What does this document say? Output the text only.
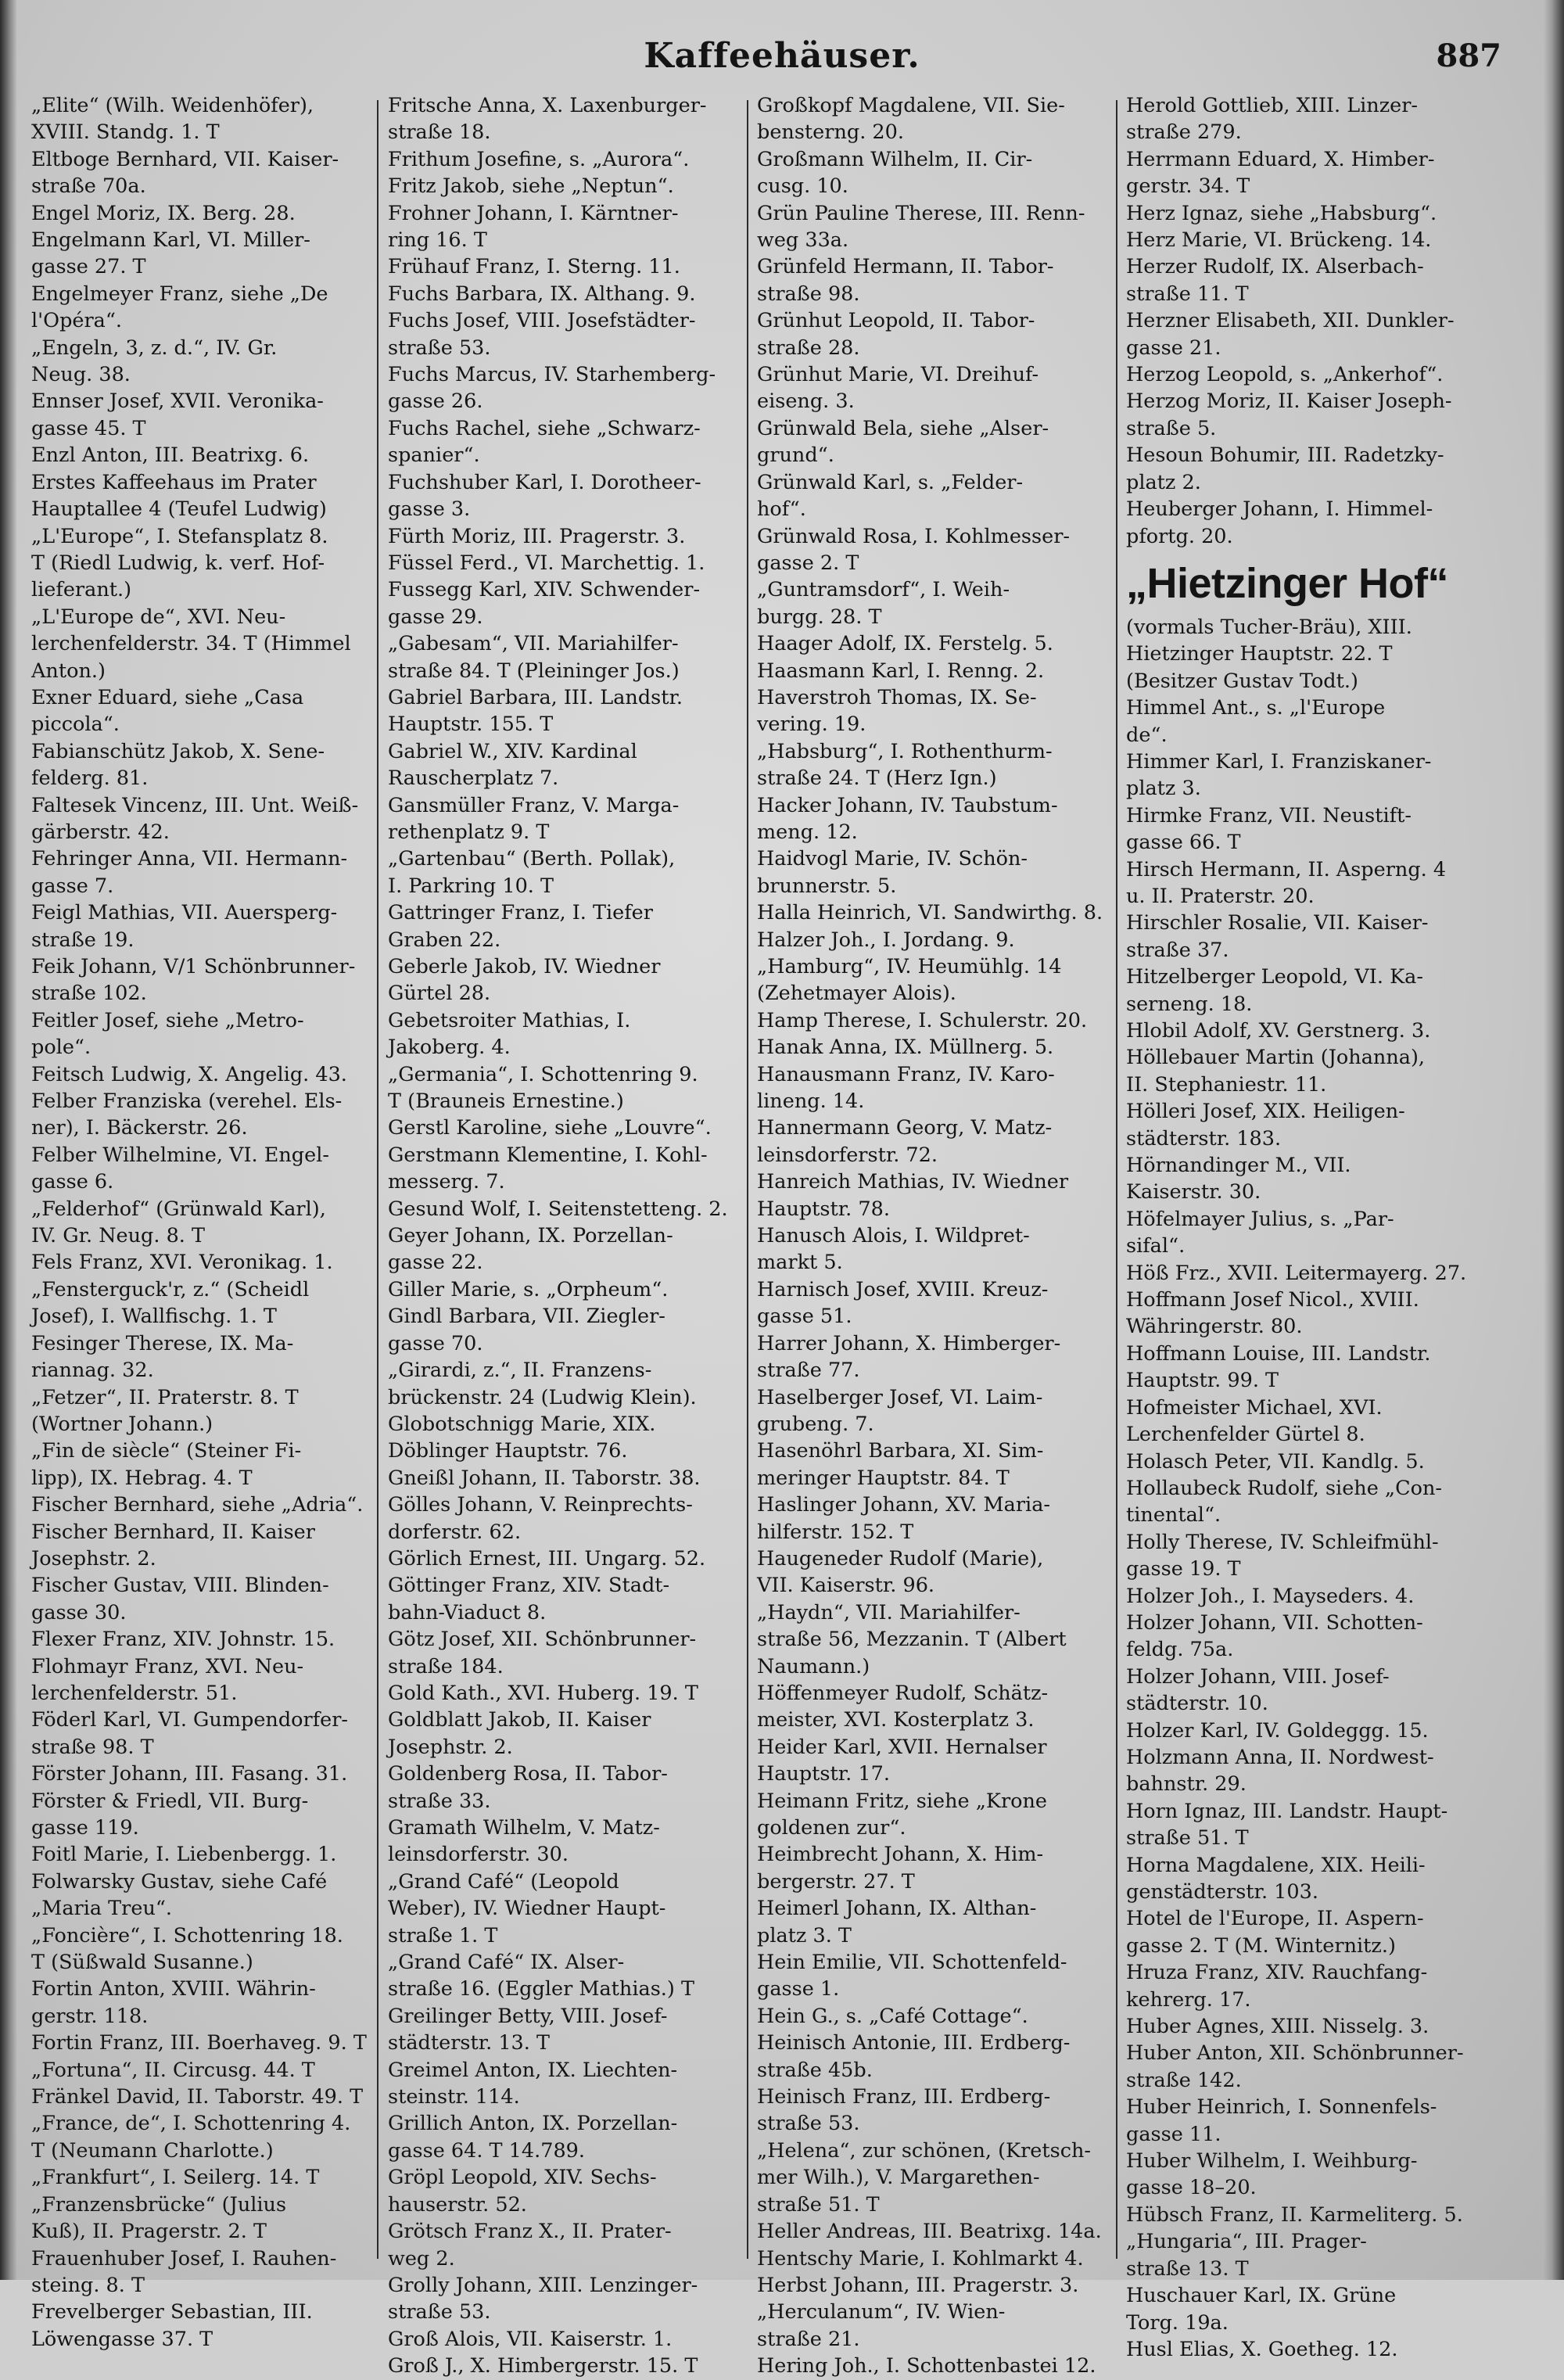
Kaffeehäuser.	887
„Elite“ (Wilh. Weidenhöfer),
XVIII. Standg. 1. T
Eltboge Bernhard, VII. Kaiser-
straße 70a.
Engel Moriz, IX. Berg. 28.
Engelmann Karl, VI. Miller-
gasse 27. T
Engelmeyer Franz, siehe „De
l'Opéra“.
„Engeln, 3, z. d.“, IV. Gr.
Neug. 38.
Ennser Josef, XVII. Veronika-
gasse 45. T
Enzl Anton, III. Beatrixg. 6.
Erstes Kaffeehaus im Prater
Hauptallee 4 (Teufel Ludwig)
„L'Europe“, I. Stefansplatz 8.
T (Riedl Ludwig, k. verf. Hof-
lieferant.)
„L'Europe de“, XVI. Neu-
lerchenfelderstr. 34. T (Himmel
Anton.)
Exner Eduard, siehe „Casa
piccola“.
Fabianschütz Jakob, X. Sene-
felderg. 81.
Faltesek Vincenz, III. Unt. Weiß-
gärberstr. 42.
Fehringer Anna, VII. Hermann-
gasse 7.
Feigl Mathias, VII. Auersperg-
straße 19.
Feik Johann, V/1 Schönbrunner-
straße 102.
Feitler Josef, siehe „Metro-
pole“.
Feitsch Ludwig, X. Angelig. 43.
Felber Franziska (verehel. Els-
ner), I. Bäckerstr. 26.
Felber Wilhelmine, VI. Engel-
gasse 6.
„Felderhof“ (Grünwald Karl),
IV. Gr. Neug. 8. T
Fels Franz, XVI. Veronikag. 1.
„Fensterguck'r, z.“ (Scheidl
Josef), I. Wallfischg. 1. T
Fesinger Therese, IX. Ma-
riannag. 32.
„Fetzer“, II. Praterstr. 8. T
(Wortner Johann.)
„Fin de siècle“ (Steiner Fi-
lipp), IX. Hebrag. 4. T
Fischer Bernhard, siehe „Adria“.
Fischer Bernhard, II. Kaiser
Josephstr. 2.
Fischer Gustav, VIII. Blinden-
gasse 30.
Flexer Franz, XIV. Johnstr. 15.
Flohmayr Franz, XVI. Neu-
lerchenfelderstr. 51.
Föderl Karl, VI. Gumpendorfer-
straße 98. T
Förster Johann, III. Fasang. 31.
Förster & Friedl, VII. Burg-
gasse 119.
Foitl Marie, I. Liebenbergg. 1.
Folwarsky Gustav, siehe Café
„Maria Treu“.
„Foncière“, I. Schottenring 18.
T (Süßwald Susanne.)
Fortin Anton, XVIII. Währin-
gerstr. 118.
Fortin Franz, III. Boerhaveg. 9. T
„Fortuna“, II. Circusg. 44. T
Fränkel David, II. Taborstr. 49. T
„France, de“, I. Schottenring 4.
T (Neumann Charlotte.)
„Frankfurt“, I. Seilerg. 14. T
„Franzensbrücke“ (Julius
Kuß), II. Pragerstr. 2. T
Frauenhuber Josef, I. Rauhen-
steing. 8. T
Frevelberger Sebastian, III.
Löwengasse 37. T
Fritsche Anna, X. Laxenburger-
straße 18.
Frithum Josefine, s. „Aurora“.
Fritz Jakob, siehe „Neptun“.
Frohner Johann, I. Kärntner-
ring 16. T
Frühauf Franz, I. Sterng. 11.
Fuchs Barbara, IX. Althang. 9.
Fuchs Josef, VIII. Josefstädter-
straße 53.
Fuchs Marcus, IV. Starhemberg-
gasse 26.
Fuchs Rachel, siehe „Schwarz-
spanier“.
Fuchshuber Karl, I. Dorotheer-
gasse 3.
Fürth Moriz, III. Pragerstr. 3.
Füssel Ferd., VI. Marchettig. 1.
Fussegg Karl, XIV. Schwender-
gasse 29.
„Gabesam“, VII. Mariahilfer-
straße 84. T (Pleininger Jos.)
Gabriel Barbara, III. Landstr.
Hauptstr. 155. T
Gabriel W., XIV. Kardinal
Rauscherplatz 7.
Gansmüller Franz, V. Marga-
rethenplatz 9. T
„Gartenbau“ (Berth. Pollak),
I. Parkring 10. T
Gattringer Franz, I. Tiefer
Graben 22.
Geberle Jakob, IV. Wiedner
Gürtel 28.
Gebetsroiter Mathias, I.
Jakoberg. 4.
„Germania“, I. Schottenring 9.
T (Brauneis Ernestine.)
Gerstl Karoline, siehe „Louvre“.
Gerstmann Klementine, I. Kohl-
messerg. 7.
Gesund Wolf, I. Seitenstetteng. 2.
Geyer Johann, IX. Porzellan-
gasse 22.
Giller Marie, s. „Orpheum“.
Gindl Barbara, VII. Ziegler-
gasse 70.
„Girardi, z.“, II. Franzens-
brückenstr. 24 (Ludwig Klein).
Globotschnigg Marie, XIX.
Döblinger Hauptstr. 76.
Gneißl Johann, II. Taborstr. 38.
Gölles Johann, V. Reinprechts-
dorferstr. 62.
Görlich Ernest, III. Ungarg. 52.
Göttinger Franz, XIV. Stadt-
bahn-Viaduct 8.
Götz Josef, XII. Schönbrunner-
straße 184.
Gold Kath., XVI. Huberg. 19. T
Goldblatt Jakob, II. Kaiser
Josephstr. 2.
Goldenberg Rosa, II. Tabor-
straße 33.
Gramath Wilhelm, V. Matz-
leinsdorferstr. 30.
„Grand Café“ (Leopold
Weber), IV. Wiedner Haupt-
straße 1. T
„Grand Café“ IX. Alser-
straße 16. (Eggler Mathias.) T
Greilinger Betty, VIII. Josef-
städterstr. 13. T
Greimel Anton, IX. Liechten-
steinstr. 114.
Grillich Anton, IX. Porzellan-
gasse 64. T 14.789.
Gröpl Leopold, XIV. Sechs-
hauserstr. 52.
Grötsch Franz X., II. Prater-
weg 2.
Grolly Johann, XIII. Lenzinger-
straße 53.
Groß Alois, VII. Kaiserstr. 1.
Groß J., X. Himbergerstr. 15. T
Großkopf Magdalene, VII. Sie-
bensterng. 20.
Großmann Wilhelm, II. Cir-
cusg. 10.
Grün Pauline Therese, III. Renn-
weg 33a.
Grünfeld Hermann, II. Tabor-
straße 98.
Grünhut Leopold, II. Tabor-
straße 28.
Grünhut Marie, VI. Dreihuf-
eiseng. 3.
Grünwald Bela, siehe „Alser-
grund“.
Grünwald Karl, s. „Felder-
hof“.
Grünwald Rosa, I. Kohlmesser-
gasse 2. T
„Guntramsdorf“, I. Weih-
burgg. 28. T
Haager Adolf, IX. Ferstelg. 5.
Haasmann Karl, I. Renng. 2.
Haverstroh Thomas, IX. Se-
vering. 19.
„Habsburg“, I. Rothenthurm-
straße 24. T (Herz Ign.)
Hacker Johann, IV. Taubstum-
meng. 12.
Haidvogl Marie, IV. Schön-
brunnerstr. 5.
Halla Heinrich, VI. Sandwirthg. 8.
Halzer Joh., I. Jordang. 9.
„Hamburg“, IV. Heumühlg. 14
(Zehetmayer Alois).
Hamp Therese, I. Schulerstr. 20.
Hanak Anna, IX. Müllnerg. 5.
Hanausmann Franz, IV. Karo-
lineng. 14.
Hannermann Georg, V. Matz-
leinsdorferstr. 72.
Hanreich Mathias, IV. Wiedner
Hauptstr. 78.
Hanusch Alois, I. Wildpret-
markt 5.
Harnisch Josef, XVIII. Kreuz-
gasse 51.
Harrer Johann, X. Himberger-
straße 77.
Haselberger Josef, VI. Laim-
grubeng. 7.
Hasenöhrl Barbara, XI. Sim-
meringer Hauptstr. 84. T
Haslinger Johann, XV. Maria-
hilferstr. 152. T
Haugeneder Rudolf (Marie),
VII. Kaiserstr. 96.
„Haydn“, VII. Mariahilfer-
straße 56, Mezzanin. T (Albert
Naumann.)
Höffenmeyer Rudolf, Schätz-
meister, XVI. Kosterplatz 3.
Heider Karl, XVII. Hernalser
Hauptstr. 17.
Heimann Fritz, siehe „Krone
goldenen zur“.
Heimbrecht Johann, X. Him-
bergerstr. 27. T
Heimerl Johann, IX. Althan-
platz 3. T
Hein Emilie, VII. Schottenfeld-
gasse 1.
Hein G., s. „Café Cottage“.
Heinisch Antonie, III. Erdberg-
straße 45b.
Heinisch Franz, III. Erdberg-
straße 53.
„Helena“, zur schönen, (Kretsch-
mer Wilh.), V. Margarethen-
straße 51. T
Heller Andreas, III. Beatrixg. 14a.
Hentschy Marie, I. Kohlmarkt 4.
Herbst Johann, III. Pragerstr. 3.
„Herculanum“, IV. Wien-
straße 21.
Hering Joh., I. Schottenbastei 12.
Herold Gottlieb, XIII. Linzer-
straße 279.
Herrmann Eduard, X. Himber-
gerstr. 34. T
Herz Ignaz, siehe „Habsburg“.
Herz Marie, VI. Brückeng. 14.
Herzer Rudolf, IX. Alserbach-
straße 11. T
Herzner Elisabeth, XII. Dunkler-
gasse 21.
Herzog Leopold, s. „Ankerhof“.
Herzog Moriz, II. Kaiser Joseph-
straße 5.
Hesoun Bohumir, III. Radetzky-
platz 2.
Heuberger Johann, I. Himmel-
pfortg. 20.
„Hietzinger Hof“
(vormals Tucher-Bräu), XIII.
Hietzinger Hauptstr. 22. T
(Besitzer Gustav Todt.)
Himmel Ant., s. „l'Europe
de“.
Himmer Karl, I. Franziskaner-
platz 3.
Hirmke Franz, VII. Neustift-
gasse 66. T
Hirsch Hermann, II. Asperng. 4
u. II. Praterstr. 20.
Hirschler Rosalie, VII. Kaiser-
straße 37.
Hitzelberger Leopold, VI. Ka-
serneng. 18.
Hlobil Adolf, XV. Gerstnerg. 3.
Höllebauer Martin (Johanna),
II. Stephaniestr. 11.
Hölleri Josef, XIX. Heiligen-
städterstr. 183.
Hörnandinger M., VII.
Kaiserstr. 30.
Höfelmayer Julius, s. „Par-
sifal“.
Höß Frz., XVII. Leitermayerg. 27.
Hoffmann Josef Nicol., XVIII.
Währingerstr. 80.
Hoffmann Louise, III. Landstr.
Hauptstr. 99. T
Hofmeister Michael, XVI.
Lerchenfelder Gürtel 8.
Holasch Peter, VII. Kandlg. 5.
Hollaubeck Rudolf, siehe „Con-
tinental“.
Holly Therese, IV. Schleifmühl-
gasse 19. T
Holzer Joh., I. Mayseders. 4.
Holzer Johann, VII. Schotten-
feldg. 75a.
Holzer Johann, VIII. Josef-
städterstr. 10.
Holzer Karl, IV. Goldeggg. 15.
Holzmann Anna, II. Nordwest-
bahnstr. 29.
Horn Ignaz, III. Landstr. Haupt-
straße 51. T
Horna Magdalene, XIX. Heili-
genstädterstr. 103.
Hotel de l'Europe, II. Aspern-
gasse 2. T (M. Winternitz.)
Hruza Franz, XIV. Rauchfang-
kehrerg. 17.
Huber Agnes, XIII. Nisselg. 3.
Huber Anton, XII. Schönbrunner-
straße 142.
Huber Heinrich, I. Sonnenfels-
gasse 11.
Huber Wilhelm, I. Weihburg-
gasse 18–20.
Hübsch Franz, II. Karmeliterg. 5.
„Hungaria“, III. Prager-
straße 13. T
Huschauer Karl, IX. Grüne
Torg. 19a.
Husl Elias, X. Goetheg. 12.
